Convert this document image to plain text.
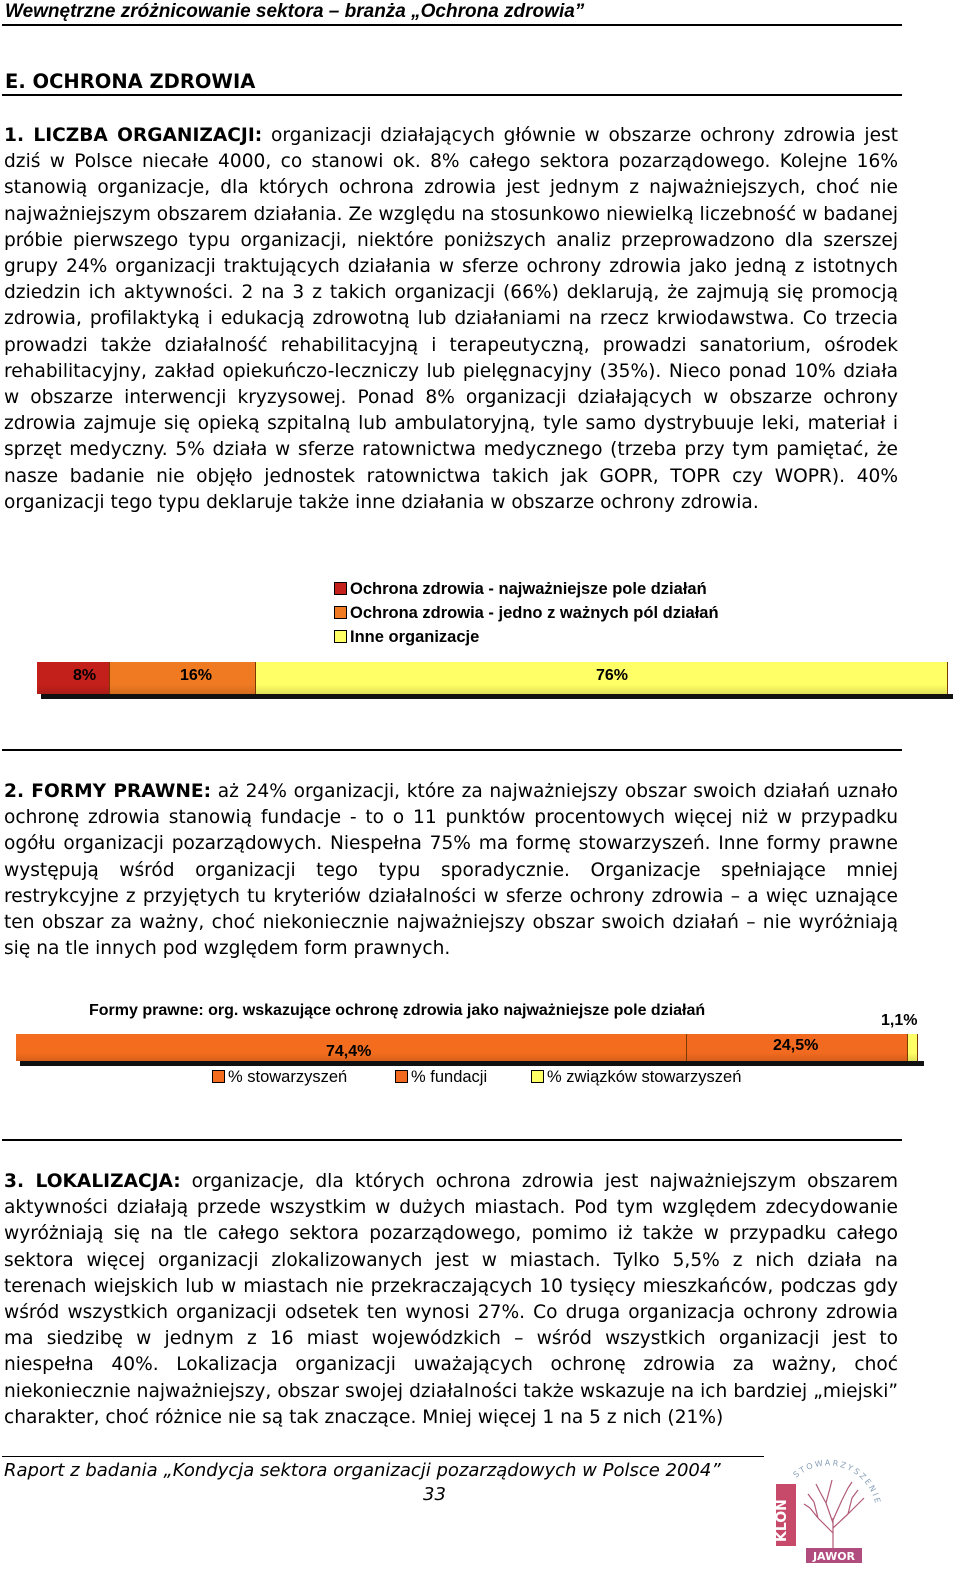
Wewnętrzne zróżnicowanie sektora – branża „Ochrona zdrowia”
E. OCHRONA ZDROWIA
1. LICZBA ORGANIZACJI: organizacji działających głównie w obszarze ochrony zdrowia jest dziś w Polsce niecałe 4000, co stanowi ok. 8% całego sektora pozarządowego. Kolejne 16% stanowią organizacje, dla których ochrona zdrowia jest jednym z najważniejszych, choć nie najważniejszym obszarem działania. Ze względu na stosunkowo niewielką liczebność w badanej próbie pierwszego typu organizacji, niektóre poniższych analiz przeprowadzono dla szerszej grupy 24% organizacji traktujących działania w sferze ochrony zdrowia jako jedną z istotnych dziedzin ich aktywności. 2 na 3 z takich organizacji (66%) deklarują, że zajmują się promocją zdrowia, profilaktyką i edukacją zdrowotną lub działaniami na rzecz krwiodawstwa. Co trzecia prowadzi także działalność rehabilitacyjną i terapeutyczną, prowadzi sanatorium, ośrodek rehabilitacyjny, zakład opiekuńczo-leczniczy lub pielęgnacyjny (35%). Nieco ponad 10% działa w obszarze interwencji kryzysowej. Ponad 8% organizacji działających w obszarze ochrony zdrowia zajmuje się opieką szpitalną lub ambulatoryjną, tyle samo dystrybuuje leki, materiał i sprzęt medyczny. 5% działa w sferze ratownictwa medycznego (trzeba przy tym pamiętać, że nasze badanie nie objęło jednostek ratownictwa takich jak GOPR, TOPR czy WOPR). 40% organizacji tego typu deklaruje także inne działania w obszarze ochrony zdrowia.
Ochrona zdrowia - najważniejsze pole działań
Ochrona zdrowia - jedno z ważnych pól działań
Inne organizacje
8%	16%	76%
2. FORMY PRAWNE: aż 24% organizacji, które za najważniejszy obszar swoich działań uznało ochronę zdrowia stanowią fundacje - to o 11 punktów procentowych więcej niż w przypadku ogółu organizacji pozarządowych. Niespełna 75% ma formę stowarzyszeń. Inne formy prawne występują wśród organizacji tego typu sporadycznie. Organizacje spełniające mniej restrykcyjne z przyjętych tu kryteriów działalności w sferze ochrony zdrowia – a więc uznające ten obszar za ważny, choć niekoniecznie najważniejszy obszar swoich działań – nie wyróżniają się na tle innych pod względem form prawnych.
Formy prawne: org. wskazujące ochronę zdrowia jako najważniejsze pole działań
74,4%	24,5%
1,1%
% stowarzyszeń	% fundacji	% związków stowarzyszeń
3. LOKALIZACJA: organizacje, dla których ochrona zdrowia jest najważniejszym obszarem aktywności działają przede wszystkim w dużych miastach. Pod tym względem zdecydowanie wyróżniają się na tle całego sektora pozarządowego, pomimo iż także w przypadku całego sektora więcej organizacji zlokalizowanych jest w miastach. Tylko 5,5% z nich działa na terenach wiejskich lub w miastach nie przekraczających 10 tysięcy mieszkańców, podczas gdy wśród wszystkich organizacji odsetek ten wynosi 27%. Co druga organizacja ochrony zdrowia ma siedzibę w jednym z 16 miast wojewódzkich – wśród wszystkich organizacji jest to niespełna 40%. Lokalizacja organizacji uważających ochronę zdrowia za ważny, choć niekoniecznie najważniejszy, obszar swojej działalności także wskazuje na ich bardziej „miejski” charakter, choć różnice nie są tak znaczące. Mniej więcej 1 na 5 z nich (21%)
Raport z badania „Kondycja sektora organizacji pozarządowych w Polsce 2004”
33
STOWARZYSZENIE
KLON
JAWOR
